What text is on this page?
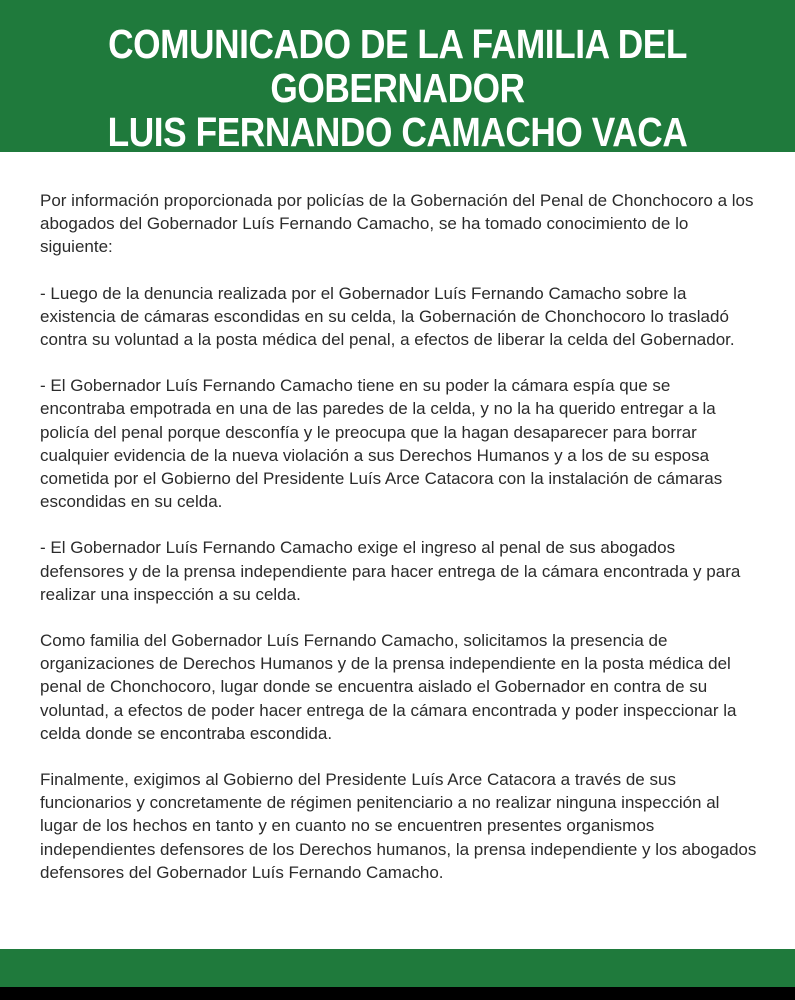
COMUNICADO DE LA FAMILIA DEL GOBERNADOR
LUIS FERNANDO CAMACHO VACA

Por información proporcionada por policías de la Gobernación del Penal de Chonchocoro a los abogados del Gobernador Luís Fernando Camacho, se ha tomado conocimiento de lo siguiente:

- Luego de la denuncia realizada por el Gobernador Luís Fernando Camacho sobre la existencia de cámaras escondidas en su celda, la Gobernación de Chonchocoro lo trasladó contra su voluntad a la posta médica del penal, a efectos de liberar la celda del Gobernador.

- El Gobernador Luís Fernando Camacho tiene en su poder la cámara espía que se encontraba empotrada en una de las paredes de la celda, y no la ha querido entregar a la policía del penal porque desconfía y le preocupa que la hagan desaparecer para borrar cualquier evidencia de la nueva violación a sus Derechos Humanos y a los de su esposa cometida por el Gobierno del Presidente Luís Arce Catacora con la instalación de cámaras escondidas en su celda.

- El Gobernador Luís Fernando Camacho exige el ingreso al penal de sus abogados defensores y de la prensa independiente para hacer entrega de la cámara encontrada y para realizar una inspección a su celda.

Como familia del Gobernador Luís Fernando Camacho, solicitamos la presencia de organizaciones de Derechos Humanos y de la prensa independiente en la posta médica del penal de Chonchocoro, lugar donde se encuentra aislado el Gobernador en contra de su voluntad, a efectos de poder hacer entrega de la cámara encontrada y poder inspeccionar la celda donde se encontraba escondida.

Finalmente, exigimos al Gobierno del Presidente Luís Arce Catacora a través de sus funcionarios y concretamente de régimen penitenciario a no realizar ninguna inspección al lugar de los hechos en tanto y en cuanto no se encuentren presentes organismos independientes defensores de los Derechos humanos, la prensa independiente y los abogados defensores del Gobernador Luís Fernando Camacho.
